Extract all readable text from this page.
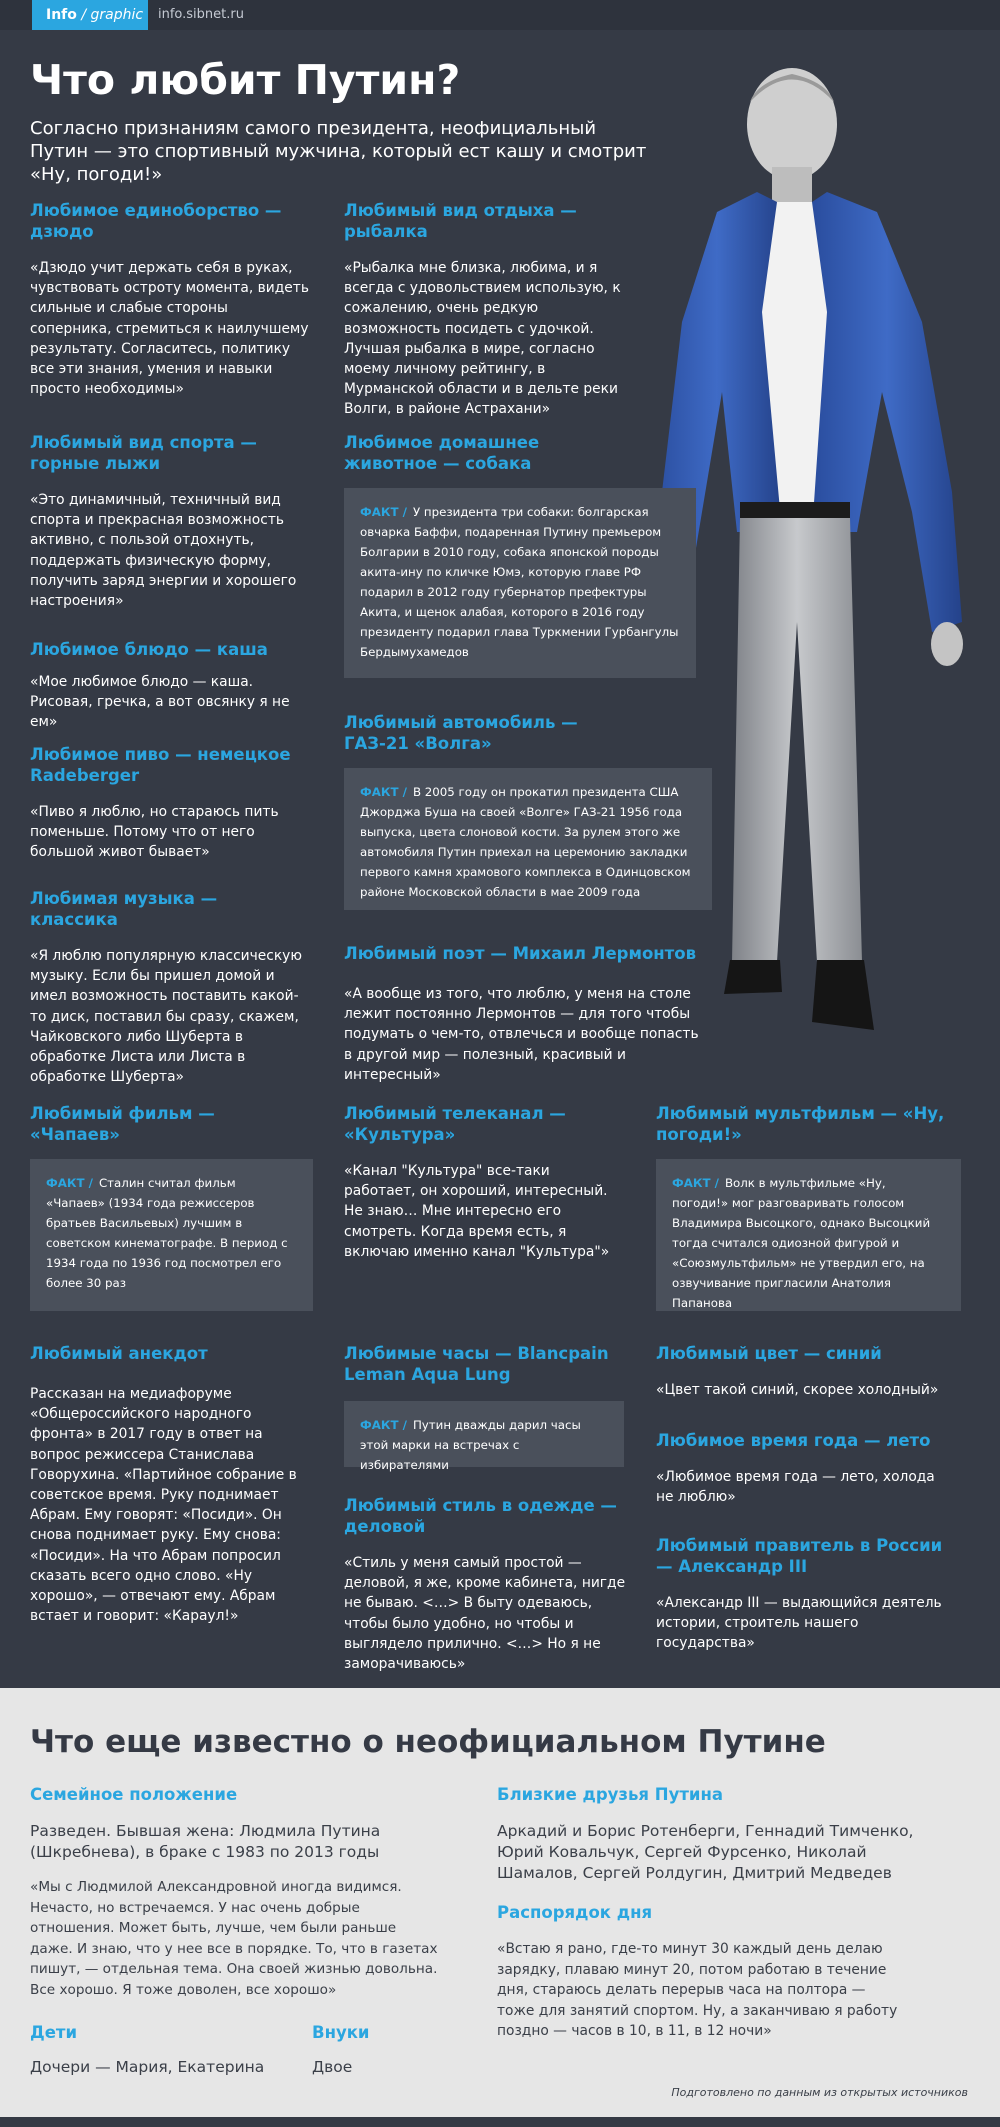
Info / graphic	info.sibnet.ru
Что любит Путин?

Согласно признаниям самого президента, неофициальный Путин — это спортивный мужчина, который ест кашу и смотрит «Ну, погоди!»

Любимое единоборство — дзюдо
«Дзюдо учит держать себя в руках, чувствовать остроту момента, видеть сильные и слабые стороны соперника, стремиться к наилучшему результату. Согласитесь, политику все эти знания, умения и навыки просто необходимы»
Любимый вид спорта — горные лыжи
«Это динамичный, техничный вид спорта и прекрасная возможность активно, с пользой отдохнуть, поддержать физическую форму, получить заряд энергии и хорошего настроения»
Любимое блюдо — каша
«Мое любимое блюдо — каша. Рисовая, гречка, а вот овсянку я не ем»
Любимое пиво — немецкое Radeberger
«Пиво я люблю, но стараюсь пить поменьше. Потому что от него большой живот бывает»
Любимая музыка — классика
«Я люблю популярную классическую музыку. Если бы пришел домой и имел возможность поставить какой-то диск, поставил бы сразу, скажем, Чайковского либо Шуберта в обработке Листа или Листа в обработке Шуберта»
Любимый вид отдыха — рыбалка
«Рыбалка мне близка, любима, и я всегда с удовольствием использую, к сожалению, очень редкую возможность посидеть с удочкой. Лучшая рыбалка в мире, согласно моему личному рейтингу, в Мурманской области и в дельте реки Волги, в районе Астрахани»
Любимое домашнее животное — собака
ФАКТ / У президента три собаки: болгарская овчарка Баффи, подаренная Путину премьером Болгарии в 2010 году, собака японской породы акита-ину по кличке Юмэ, которую главе РФ подарил в 2012 году губернатор префектуры Акита, и щенок алабая, которого в 2016 году президенту подарил глава Туркмении Гурбангулы Бердымухамедов
Любимый автомобиль — ГАЗ-21 «Волга»
ФАКТ / В 2005 году он прокатил президента США Джорджа Буша на своей «Волге» ГАЗ-21 1956 года выпуска, цвета слоновой кости. За рулем этого же автомобиля Путин приехал на церемонию закладки первого камня храмового комплекса в Одинцовском районе Московской области в мае 2009 года
Любимый поэт — Михаил Лермонтов
«А вообще из того, что люблю, у меня на столе лежит постоянно Лермонтов — для того чтобы подумать о чем-то, отвлечься и вообще попасть в другой мир — полезный, красивый и интересный»
Любимый фильм — «Чапаев»
ФАКТ / Сталин считал фильм «Чапаев» (1934 года режиссеров братьев Васильевых) лучшим в советском кинематографе. В период с 1934 года по 1936 год посмотрел его более 30 раз
Любимый телеканал — «Культура»
«Канал "Культура" все-таки работает, он хороший, интересный. Не знаю… Мне интересно его смотреть. Когда время есть, я включаю именно канал "Культура"»
Любимый мультфильм — «Ну, погоди!»
ФАКТ / Волк в мультфильме «Ну, погоди!» мог разговаривать голосом Владимира Высоцкого, однако Высоцкий тогда считался одиозной фигурой и «Союзмультфильм» не утвердил его, на озвучивание пригласили Анатолия Папанова
Любимый анекдот
Рассказан на медиафоруме «Общероссийского народного фронта» в 2017 году в ответ на вопрос режиссера Станислава Говорухина. «Партийное собрание в советское время. Руку поднимает Абрам. Ему говорят: «Посиди». Он снова поднимает руку. Ему снова: «Посиди». На что Абрам попросил сказать всего одно слово. «Ну хорошо», — отвечают ему. Абрам встает и говорит: «Караул!»
Любимые часы — Blancpain Leman Aqua Lung
ФАКТ / Путин дважды дарил часы этой марки на встречах с избирателями
Любимый стиль в одежде — деловой
«Стиль у меня самый простой — деловой, я же, кроме кабинета, нигде не бываю. <…> В быту одеваюсь, чтобы было удобно, но чтобы и выглядело прилично. <…> Но я не заморачиваюсь»
Любимый цвет — синий
«Цвет такой синий, скорее холодный»
Любимое время года — лето
«Любимое время года — лето, холода не люблю»
Любимый правитель в России — Александр III
«Александр III — выдающийся деятель истории, строитель нашего государства»
Что еще известно о неофициальном Путине
Семейное положение
Разведен. Бывшая жена: Людмила Путина (Шкребнева), в браке с 1983 по 2013 годы
«Мы с Людмилой Александровной иногда видимся. Нечасто, но встречаемся. У нас очень добрые отношения. Может быть, лучше, чем были раньше даже. И знаю, что у нее все в порядке. То, что в газетах пишут, — отдельная тема. Она своей жизнью довольна. Все хорошо. Я тоже доволен, все хорошо»
Дети
Дочери — Мария, Екатерина
Внуки
Двое
Близкие друзья Путина
Аркадий и Борис Ротенберги, Геннадий Тимченко, Юрий Ковальчук, Сергей Фурсенко, Николай Шамалов, Сергей Ролдугин, Дмитрий Медведев
Распорядок дня
«Встаю я рано, где-то минут 30 каждый день делаю зарядку, плаваю минут 20, потом работаю в течение дня, стараюсь делать перерыв часа на полтора — тоже для занятий спортом. Ну, а заканчиваю я работу поздно — часов в 10, в 11, в 12 ночи»
Подготовлено по данным из открытых источников
